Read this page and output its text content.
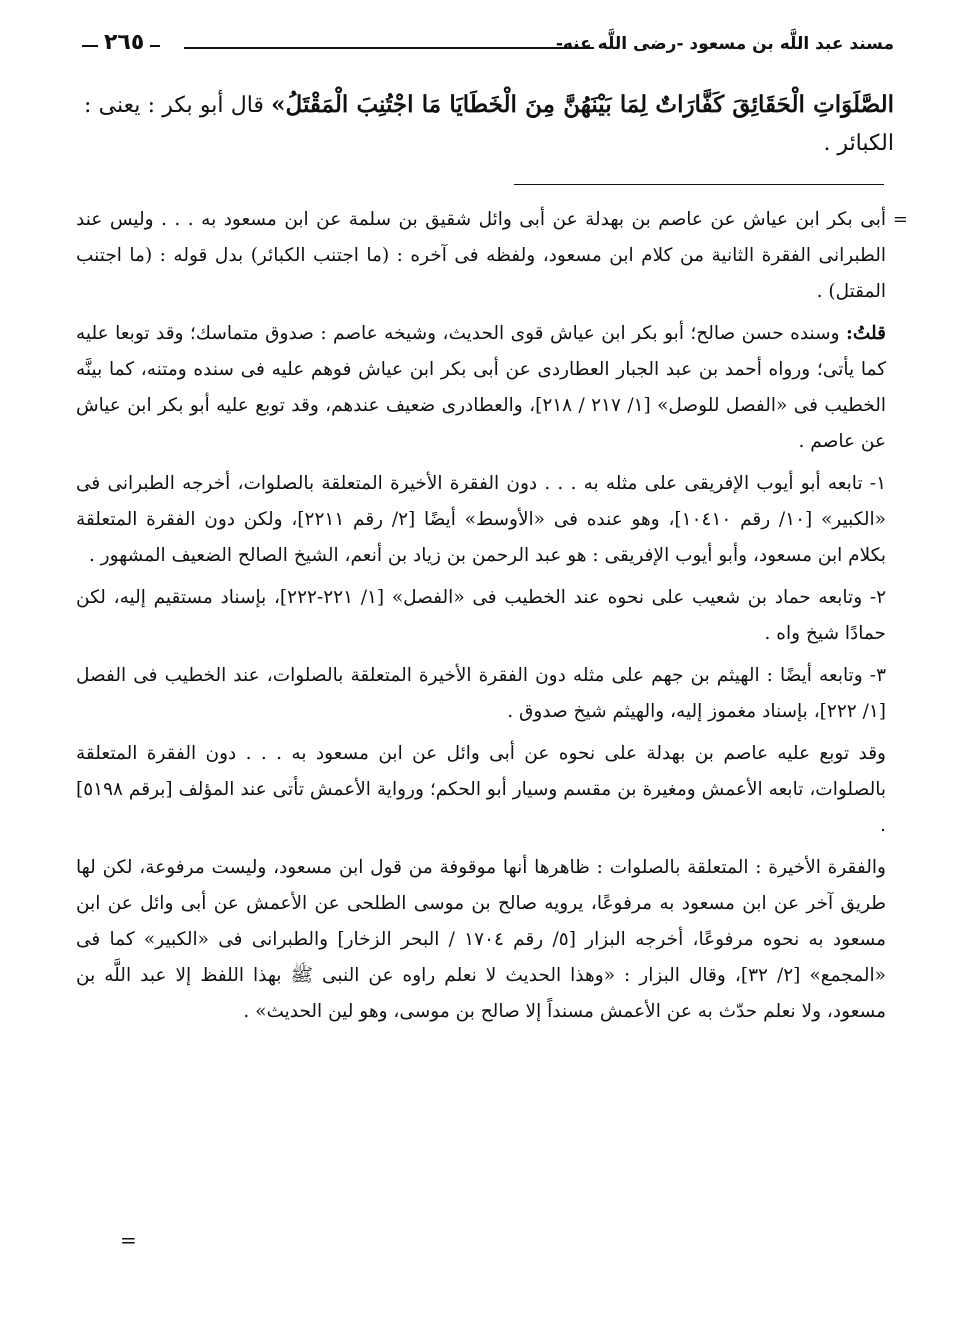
مسند عبد اللَّه بن مسعود -رضى اللَّه عنه-
٢٦٥
الصَّلَوَاتِ الْحَقَائِقَ كَفَّارَاتٌ لِمَا بَيْنَهُنَّ مِنَ الْخَطَايَا مَا اجْتُنِبَ الْمَقْتَلُ» قال أبو بكر : يعنى : الكبائر .

=
أبى بكر ابن عياش عن عاصم بن بهدلة عن أبى وائل شقيق بن سلمة عن ابن مسعود به . . . وليس عند الطبرانى الفقرة الثانية من كلام ابن مسعود، ولفظه فى آخره : (ما اجتنب الكبائر) بدل قوله : (ما اجتنب المقتل) .

قلتُ: وسنده حسن صالح؛ أبو بكر ابن عياش قوى الحديث، وشيخه عاصم : صدوق متماسك؛ وقد توبعا عليه كما يأتى؛ ورواه أحمد بن عبد الجبار العطاردى عن أبى بكر ابن عياش فوهم عليه فى سنده ومتنه، كما بينَّه الخطيب فى «الفصل للوصل» [١/ ٢١٧ / ٢١٨]، والعطادرى ضعيف عندهم، وقد توبع عليه أبو بكر ابن عياش عن عاصم .

١- تابعه أبو أيوب الإفريقى على مثله به . . . دون الفقرة الأخيرة المتعلقة بالصلوات، أخرجه الطبرانى فى «الكبير» [١٠/ رقم ١٠٤١٠]، وهو عنده فى «الأوسط» أيضًا [٢/ رقم ٢٢١١]، ولكن دون الفقرة المتعلقة بكلام ابن مسعود، وأبو أيوب الإفريقى : هو عبد الرحمن بن زياد بن أنعم، الشيخ الصالح الضعيف المشهور .

٢- وتابعه حماد بن شعيب على نحوه عند الخطيب فى «الفصل» [١/ ٢٢١-٢٢٢]، بإسناد مستقيم إليه، لكن حمادًا شيخ واه .

٣- وتابعه أيضًا : الهيثم بن جهم على مثله دون الفقرة الأخيرة المتعلقة بالصلوات، عند الخطيب فى الفصل [١/ ٢٢٢]، بإسناد مغموز إليه، والهيثم شيخ صدوق .

وقد توبع عليه عاصم بن بهدلة على نحوه عن أبى وائل عن ابن مسعود به . . . دون الفقرة المتعلقة بالصلوات، تابعه الأعمش ومغيرة بن مقسم وسيار أبو الحكم؛ ورواية الأعمش تأتى عند المؤلف [برقم ٥١٩٨] .

والفقرة الأخيرة : المتعلقة بالصلوات : ظاهرها أنها موقوفة من قول ابن مسعود، وليست مرفوعة، لكن لها طريق آخر عن ابن مسعود به مرفوعًا، يرويه صالح بن موسى الطلحى عن الأعمش عن أبى وائل عن ابن مسعود به نحوه مرفوعًا، أخرجه البزار [٥/ رقم ١٧٠٤ / البحر الزخار] والطبرانى فى «الكبير» كما فى «المجمع» [٢/ ٣٢]، وقال البزار : «وهذا الحديث لا نعلم راوه عن النبى ﷺ بهذا اللفظ إلا عبد اللَّه بن مسعود، ولا نعلم حدّث به عن الأعمش مسنداً إلا صالح بن موسى، وهو لين الحديث» .

=
